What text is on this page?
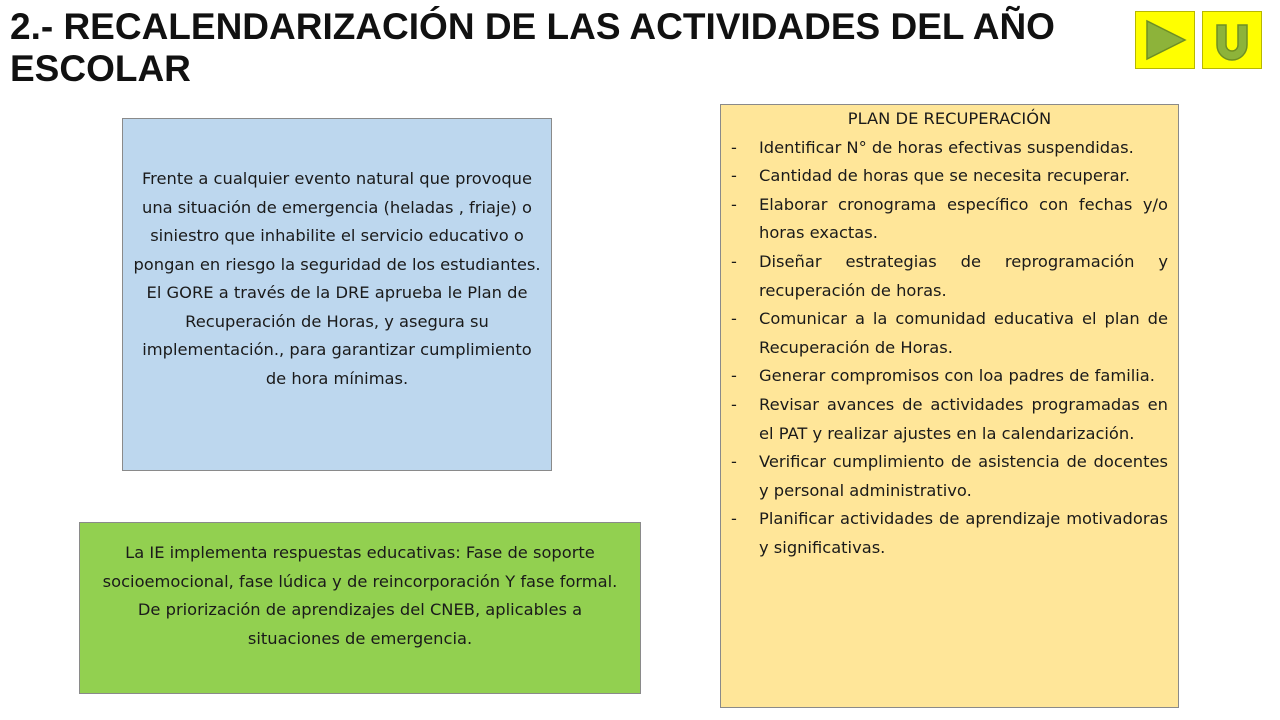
2.- RECALENDARIZACIÓN DE LAS ACTIVIDADES DEL AÑO
ESCOLAR
Frente a cualquier evento natural que provoque una situación de emergencia (heladas , friaje) o siniestro que inhabilite el servicio educativo o pongan en riesgo la seguridad de los estudiantes. El GORE a través de la DRE aprueba le Plan de Recuperación de Horas, y asegura su implementación., para garantizar cumplimiento de hora mínimas.
La IE implementa respuestas educativas: Fase de soporte socioemocional, fase lúdica y de reincorporación Y fase formal. De priorización de aprendizajes del CNEB, aplicables a situaciones de emergencia.
PLAN DE RECUPERACIÓN
-	Identificar N° de horas efectivas suspendidas.
-	Cantidad de horas que se necesita recuperar.
-	Elaborar cronograma específico con fechas y/o horas exactas.
-	Diseñar estrategias de reprogramación y recuperación de horas.
-	Comunicar a la comunidad educativa el plan de Recuperación de Horas.
-	Generar compromisos con loa padres de familia.
-	Revisar avances de actividades programadas en el PAT y realizar ajustes en la calendarización.
-	Verificar cumplimiento de asistencia de docentes y personal administrativo.
-	Planificar actividades de aprendizaje motivadoras y significativas.
